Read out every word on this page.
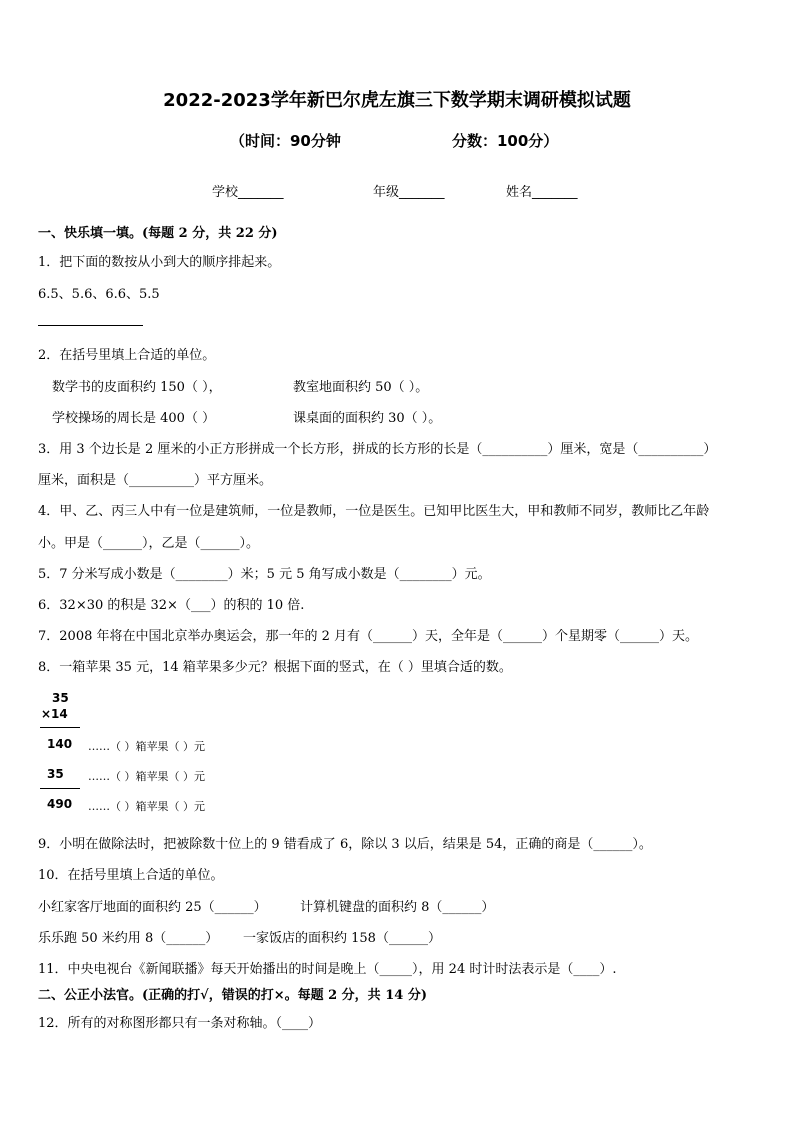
2022-2023学年新巴尔虎左旗三下数学期末调研模拟试题
（时间：90分钟	分数：100分）
学校_______	年级_______	姓名_______
一、快乐填一填。(每题 2 分，共 22 分)
1．把下面的数按从小到大的顺序排起来。
6.5、5.6、6.6、5.5
2．在括号里填上合适的单位。
数学书的皮面积约 150（ ），	教室地面积约 50（ ）。
学校操场的周长是 400（ ）	课桌面的面积约 30（ ）。
3．用 3 个边长是 2 厘米的小正方形拼成一个长方形，拼成的长方形的长是（__________）厘米，宽是（__________）
厘米，面积是（__________）平方厘米。
4．甲、乙、丙三人中有一位是建筑师，一位是教师，一位是医生。已知甲比医生大，甲和教师不同岁，教师比乙年龄
小。甲是（______），乙是（______）。
5．7 分米写成小数是（________）米；5 元 5 角写成小数是（________）元。
6．32×30 的积是 32×（___）的积的 10 倍.
7．2008 年将在中国北京举办奥运会，那一年的 2 月有（______）天，全年是（______）个星期零（______）天。
8．一箱苹果 35 元，14 箱苹果多少元？根据下面的竖式，在（ ）里填合适的数。
35
×14
140 ……（ ）箱苹果（ ）元
35 ……（ ）箱苹果（ ）元
490 ……（ ）箱苹果（ ）元
9．小明在做除法时，把被除数十位上的 9 错看成了 6，除以 3 以后，结果是 54，正确的商是（______）。
10．在括号里填上合适的单位。
小红家客厅地面的面积约 25（______）	计算机键盘的面积约 8（______）
乐乐跑 50 米约用 8（______） 一家饭店的面积约 158（______）
11．中央电视台《新闻联播》每天开始播出的时间是晚上（_____），用 24 时计时法表示是（____）.
二、公正小法官。(正确的打√，错误的打×。每题 2 分，共 14 分)
12．所有的对称图形都只有一条对称轴。（____）
